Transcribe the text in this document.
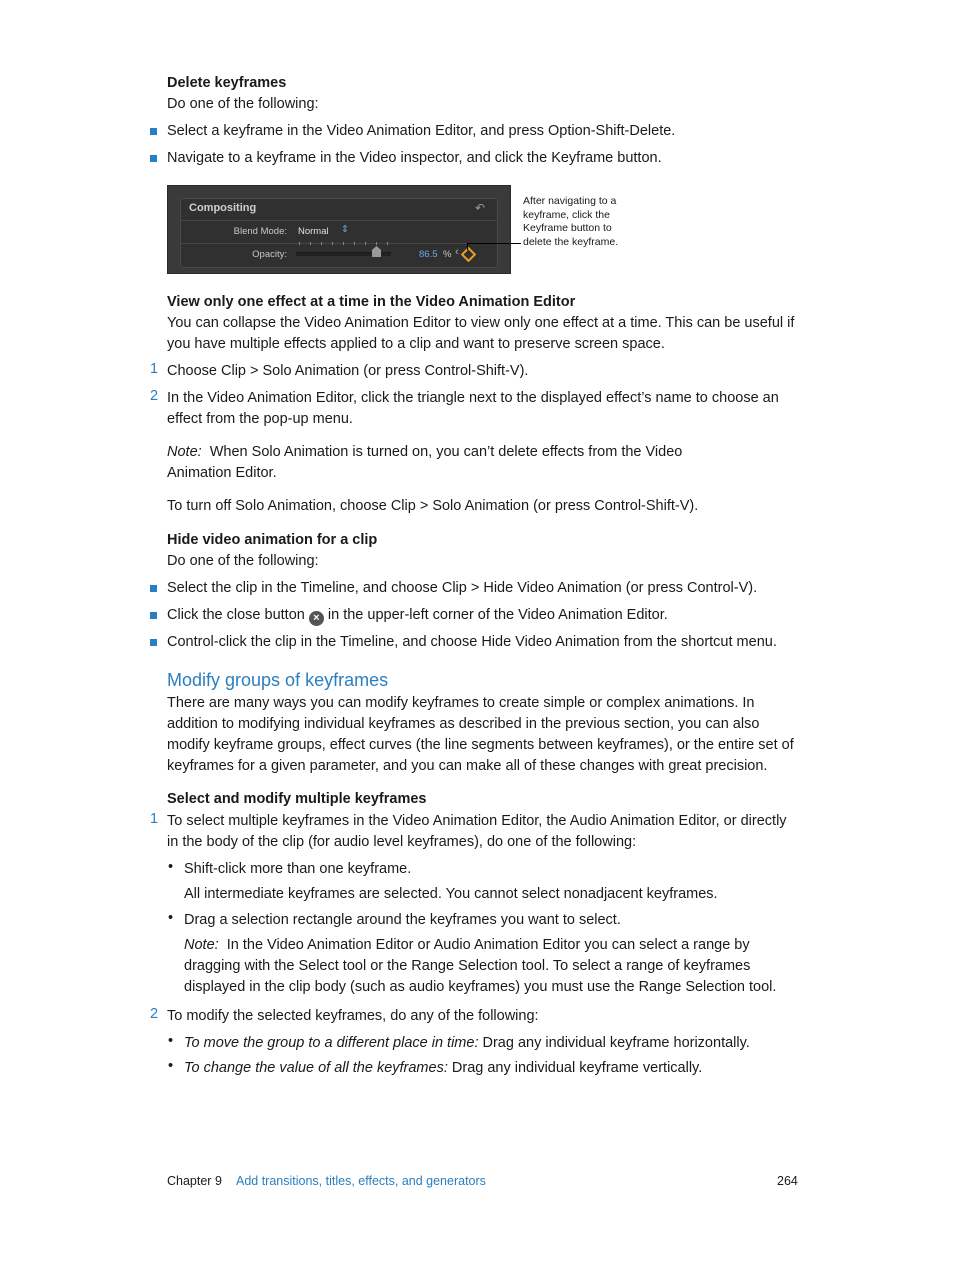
Delete keyframes
Do one of the following:
Select a keyframe in the Video Animation Editor, and press Option-Shift-Delete.
Navigate to a keyframe in the Video inspector, and click the Keyframe button.
Compositing	↶
Blend Mode: Normal ⇕
Opacity:	86.5 % ‹
After navigating to a keyframe, click the Keyframe button to delete the keyframe.
View only one effect at a time in the Video Animation Editor
You can collapse the Video Animation Editor to view only one effect at a time. This can be useful if you have multiple effects applied to a clip and want to preserve screen space.
1 Choose Clip > Solo Animation (or press Control-Shift-V).
2 In the Video Animation Editor, click the triangle next to the displayed effect’s name to choose an effect from the pop-up menu.
Note: When Solo Animation is turned on, you can’t delete effects from the Video Animation Editor.
To turn off Solo Animation, choose Clip > Solo Animation (or press Control-Shift-V).
Hide video animation for a clip
Do one of the following:
Select the clip in the Timeline, and choose Clip > Hide Video Animation (or press Control-V).
Click the close button × in the upper-left corner of the Video Animation Editor.
Control-click the clip in the Timeline, and choose Hide Video Animation from the shortcut menu.
Modify groups of keyframes
There are many ways you can modify keyframes to create simple or complex animations. In addition to modifying individual keyframes as described in the previous section, you can also modify keyframe groups, effect curves (the line segments between keyframes), or the entire set of keyframes for a given parameter, and you can make all of these changes with great precision.
Select and modify multiple keyframes
1 To select multiple keyframes in the Video Animation Editor, the Audio Animation Editor, or directly in the body of the clip (for audio level keyframes), do one of the following:
• Shift-click more than one keyframe.
All intermediate keyframes are selected. You cannot select nonadjacent keyframes.
• Drag a selection rectangle around the keyframes you want to select.
Note: In the Video Animation Editor or Audio Animation Editor you can select a range by dragging with the Select tool or the Range Selection tool. To select a range of keyframes displayed in the clip body (such as audio keyframes) you must use the Range Selection tool.
2 To modify the selected keyframes, do any of the following:
• To move the group to a different place in time: Drag any individual keyframe horizontally.
• To change the value of all the keyframes: Drag any individual keyframe vertically.
Chapter 9 Add transitions, titles, effects, and generators	264
